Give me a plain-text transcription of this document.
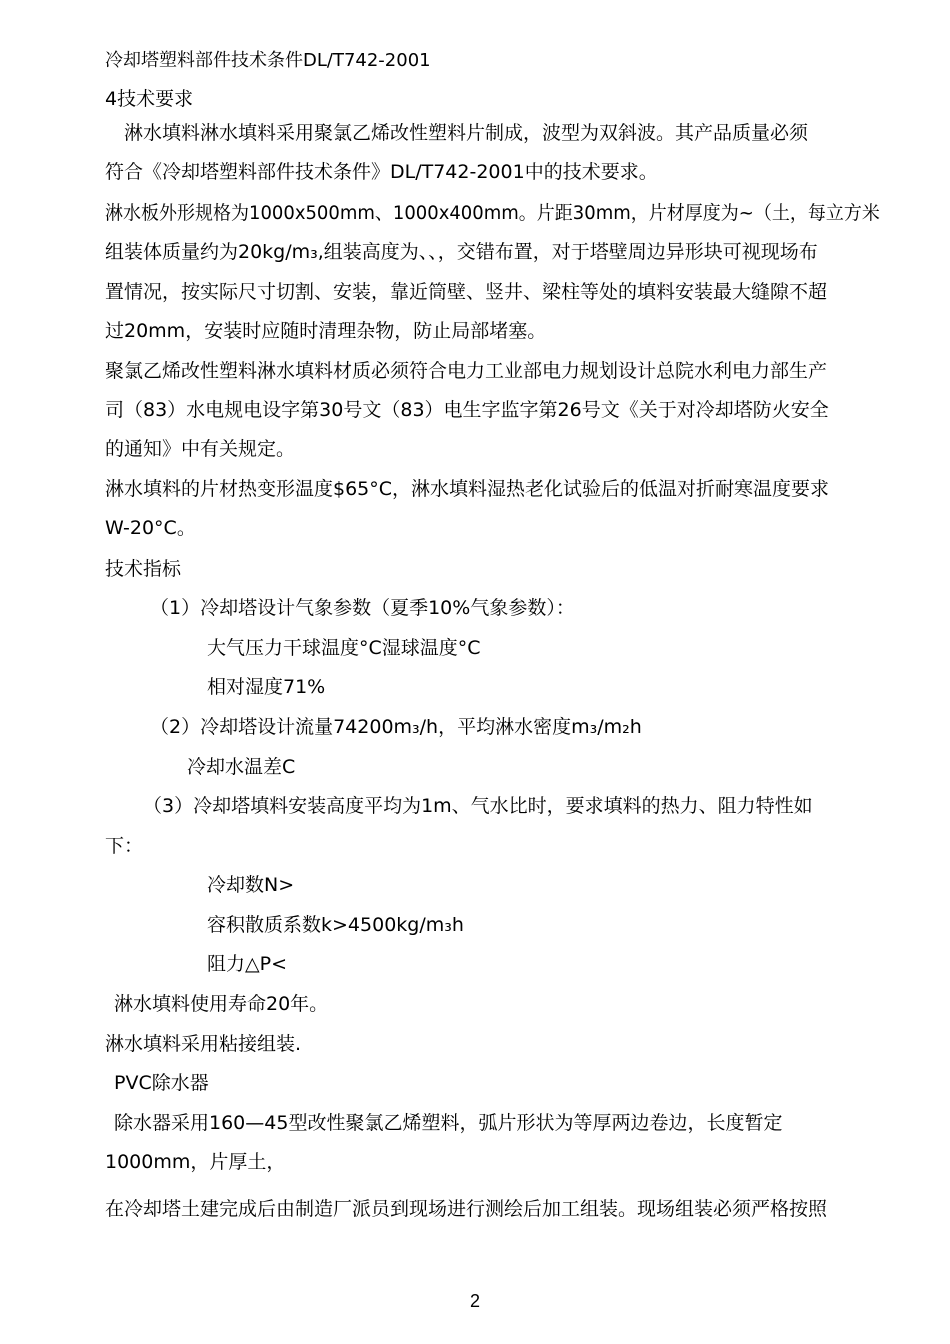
冷却塔塑料部件技术条件DL/T742-2001
4技术要求
淋水填料淋水填料采用聚氯乙烯改性塑料片制成，波型为双斜波。其产品质量必须
符合《冷却塔塑料部件技术条件》DL/T742-2001中的技术要求。
淋水板外形规格为1000x500mm、1000x400mm。片距30mm，片材厚度为~（土，每立方米
组装体质量约为20kg/m₃,组装高度为、、，交错布置，对于塔壁周边异形块可视现场布
置情况，按实际尺寸切割、安装，靠近筒壁、竖井、梁柱等处的填料安装最大缝隙不超
过20mm，安装时应随时清理杂物，防止局部堵塞。
聚氯乙烯改性塑料淋水填料材质必须符合电力工业部电力规划设计总院水利电力部生产
司（83）水电规电设字第30号文（83）电生字监字第26号文《关于对冷却塔防火安全
的通知》中有关规定。
淋水填料的片材热变形温度$65°C，淋水填料湿热老化试验后的低温对折耐寒温度要求
W-20°C。
技术指标
（1）冷却塔设计气象参数（夏季10%气象参数）：
大气压力干球温度°C湿球温度°C
相对湿度71%
（2）冷却塔设计流量74200m₃/h，平均淋水密度m₃/m₂h
冷却水温差C
（3）冷却塔填料安装高度平均为1m、气水比时，要求填料的热力、阻力特性如
下：
冷却数N>
容积散质系数k>4500kg/m₃h
阻力△P<
淋水填料使用寿命20年。
淋水填料采用粘接组装.
PVC除水器
除水器采用160—45型改性聚氯乙烯塑料，弧片形状为等厚两边卷边，长度暂定
1000mm，片厚土，
在冷却塔土建完成后由制造厂派员到现场进行测绘后加工组装。现场组装必须严格按照
2
